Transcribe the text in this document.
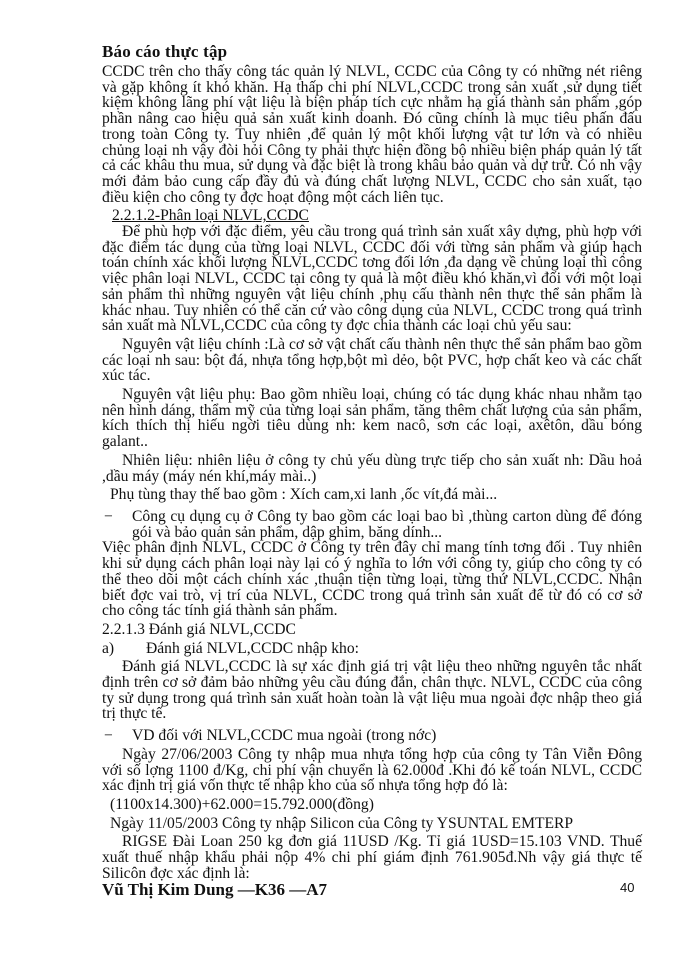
Báo cáo thực tập

CCDC trên cho thấy công tác quản lý NLVL, CCDC của Công ty có những nét riêng và gặp không ít khó khăn. Hạ thấp chi phí NLVL,CCDC trong sản xuất ,sử dụng tiết kiệm không lãng phí vật liệu là biện pháp tích cực nhằm hạ giá thành sản phẩm ,góp phần nâng cao hiệu quả sản xuất kinh doanh. Đó cũng chính là mục tiêu phấn đấu trong toàn Công ty. Tuy nhiên ,để quản lý một khối lượng vật tư lớn và có nhiều chủng loại nh vậy đòi hỏi Công ty phải thực hiện đồng bộ nhiều biện pháp quản lý tất cả các khâu thu mua, sử dụng và đặc biệt là trong khâu bảo quản và dự trữ. Có nh vậy mới đảm bảo cung cấp đầy đủ và đúng chất lượng NLVL, CCDC cho sản xuất, tạo điều kiện cho công ty đợc hoạt động một cách liên tục.

2.2.1.2-Phân loại NLVL,CCDC

Để phù hợp với đặc điểm, yêu cầu trong quá trình sản xuất xây dựng, phù hợp với đặc điểm tác dụng của từng loại NLVL, CCDC đối với từng sản phẩm và giúp hạch toán chính xác khối lượng NLVL,CCDC tơng đối lớn ,đa dạng về chủng loại thì công việc phân loại NLVL, CCDC tại công ty quả là một điều khó khăn,vì đối với một loại sản phẩm thì những nguyên vật liệu chính ,phụ cấu thành nên thực thể sản phẩm là khác nhau. Tuy nhiên có thể căn cứ vào công dụng của NLVL, CCDC trong quá trình sản xuất mà NLVL,CCDC của công ty đợc chia thành các loại chủ yếu sau:

Nguyên vật liệu chính :Là cơ sở vật chất cấu thành nên thực thể sản phẩm bao gồm các loại nh sau: bột đá, nhựa tổng hợp,bột mì dẻo, bột PVC, hợp chất keo và các chất xúc tác.

Nguyên vật liệu phụ: Bao gồm nhiều loại, chúng có tác dụng khác nhau nhằm tạo nên hình dáng, thẩm mỹ của từng loại sản phẩm, tăng thêm chất lượng của sản phẩm, kích thích thị hiếu ngời tiêu dùng nh: kem nacô, sơn các loại, axêtôn, dầu bóng galant..

Nhiên liệu: nhiên liệu ở công ty chủ yếu dùng trực tiếp cho sản xuất nh: Dầu hoả ,dầu máy (máy nén khí,máy mài..)

Phụ tùng thay thế bao gồm : Xích cam,xi lanh ,ốc vít,đá mài...

− Công cụ dụng cụ ở Công ty bao gồm các loại bao bì ,thùng carton dùng để đóng gói và bảo quản sản phẩm, dập ghim, băng dính...

Việc phân định NLVL, CCDC ở Công ty trên đây chỉ mang tính tơng đối . Tuy nhiên khi sử dụng cách phân loại này lại có ý nghĩa to lớn với công ty, giúp cho công ty có thể theo dõi một cách chính xác ,thuận tiện từng loại, từng thứ NLVL,CCDC. Nhận biết đợc vai trò, vị trí của NLVL, CCDC trong quá trình sản xuất để từ đó có cơ sở cho công tác tính giá thành sản phẩm.

2.2.1.3 Đánh giá NLVL,CCDC

a) Đánh giá NLVL,CCDC nhập kho:

Đánh giá NLVL,CCDC là sự xác định giá trị vật liệu theo những nguyên tắc nhất định trên cơ sở đảm bảo những yêu cầu đúng đắn, chân thực. NLVL, CCDC của công ty sử dụng trong quá trình sản xuất hoàn toàn là vật liệu mua ngoài đợc nhập theo giá trị thực tế.

− VD đối với NLVL,CCDC mua ngoài (trong nớc)

Ngày 27/06/2003 Công ty nhập mua nhựa tổng hợp của công ty Tân Viễn Đông với số lợng 1100 đ/Kg, chi phí vận chuyển là 62.000đ .Khi đó kế toán NLVL, CCDC xác định trị giá vốn thực tế nhập kho của số nhựa tổng hợp đó là:

(1100x14.300)+62.000=15.792.000(đồng)

Ngày 11/05/2003 Công ty nhập Silicon của Công ty YSUNTAL EMTERP

RIGSE Đài Loan 250 kg đơn giá 11USD /Kg. Tỉ giá 1USD=15.103 VND. Thuế xuất thuế nhập khẩu phải nộp 4% chi phí giám định 761.905đ.Nh vậy giá thực tế Silicôn đợc xác định là:

Vũ Thị Kim Dung —K36 —A7	40
